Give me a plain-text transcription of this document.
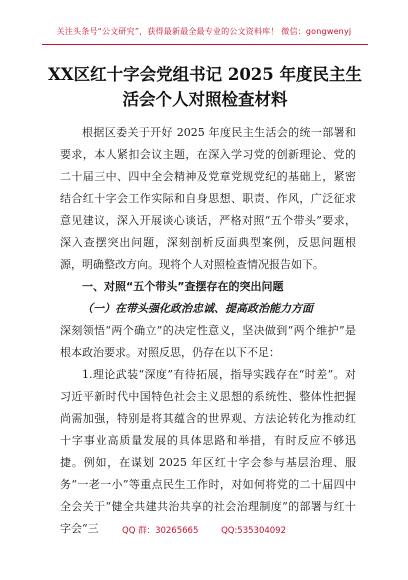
关注头条号“公文研究”，获得最新最全最专业的公文资料库！ 微信：gongwenyj
XX区红十字会党组书记 2025 年度民主生
活会个人对照检查材料

根据区委关于开好 2025 年度民主生活会的统一部署和要求，本人紧扣会议主题，在深入学习党的创新理论、党的二十届三中、四中全会精神及党章党规党纪的基础上，紧密结合红十字会工作实际和自身思想、职责、作风，广泛征求意见建议，深入开展谈心谈话，严格对照“五个带头”要求，深入查摆突出问题，深刻剖析反面典型案例，反思问题根源，明确整改方向。现将个人对照检查情况报告如下。

一、对照“五个带头”查摆存在的突出问题

（一）在带头强化政治忠诚、提高政治能力方面

深刻领悟“两个确立”的决定性意义，坚决做到“两个维护”是根本政治要求。对照反思，仍存在以下不足：

1.理论武装“深度”有待拓展，指导实践存在“时差”。对习近平新时代中国特色社会主义思想的系统性、整体性把握尚需加强，特别是将其蕴含的世界观、方法论转化为推动红十字事业高质量发展的具体思路和举措，有时反应不够迅捷。例如，在谋划 2025 年区红十字会参与基层治理、服务“一老一小”等重点民生工作时，对如何将党的二十届四中全会关于“健全共建共治共享的社会治理制度”的部署与红十字会“三	QQ 群：30265665	QQ:535304092
